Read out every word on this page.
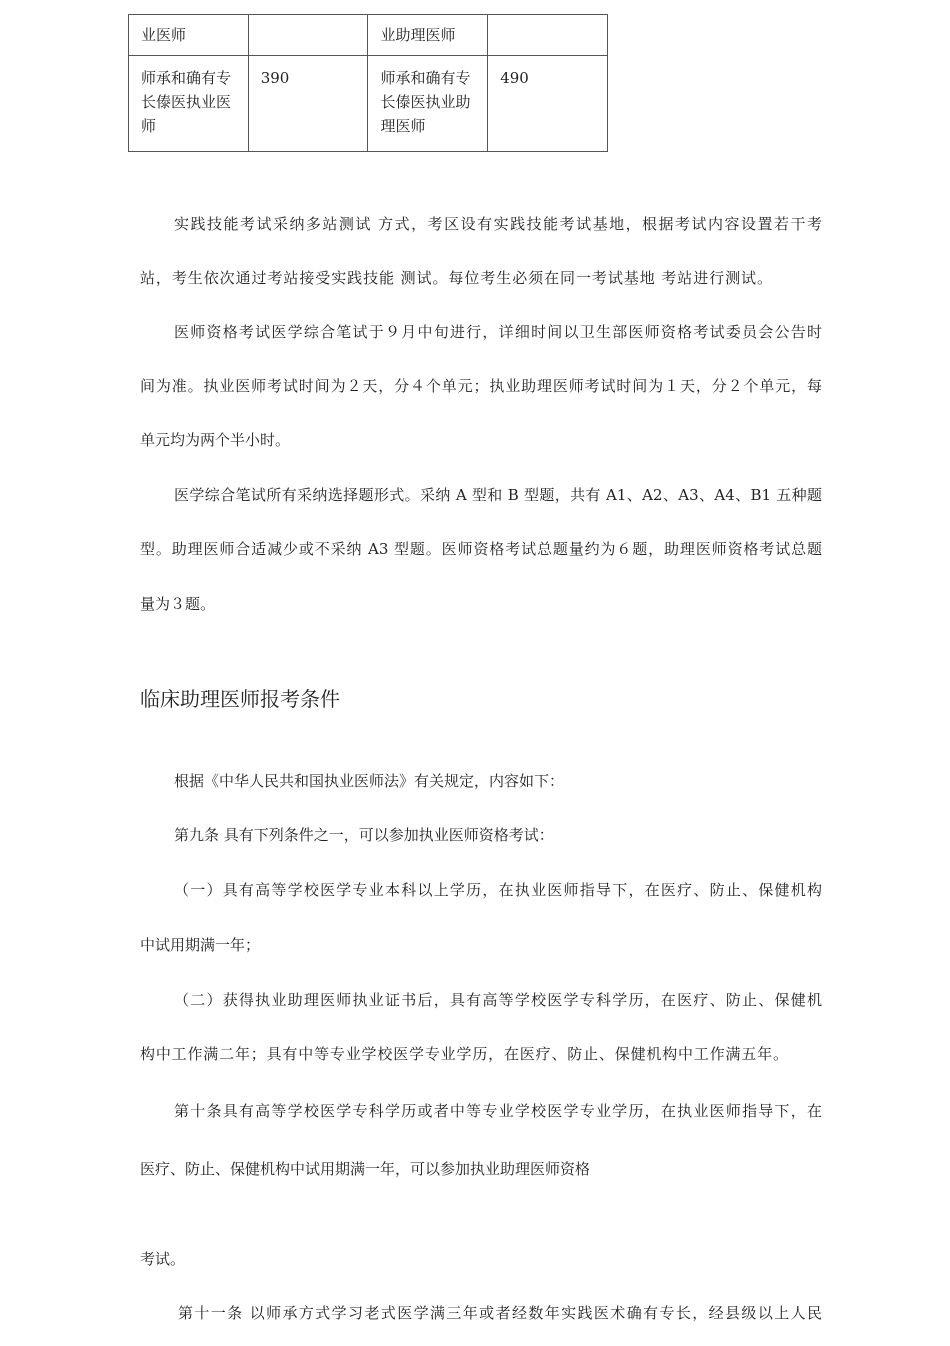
业医师		业助理医师	
师承和确有专长傣医执业医师	390	师承和确有专长傣医执业助理医师	490
实践技能考试采纳多站测试 方式，考区设有实践技能考试基地，根据考试内容设置若干考
站，考生依次通过考站接受实践技能 测试。每位考生必须在同一考试基地 考站进行测试。
医师资格考试医学综合笔试于９月中旬进行，详细时间以卫生部医师资格考试委员会公告时
间为准。执业医师考试时间为２天，分４个单元；执业助理医师考试时间为１天，分２个单元，每
单元均为两个半小时。
医学综合笔试所有采纳选择题形式。采纳 A 型和 B 型题，共有 A1、A2、A3、A4、B1 五种题
型。助理医师合适减少或不采纳 A3 型题。医师资格考试总题量约为６题，助理医师资格考试总题
量为３题。
临床助理医师报考条件
根据《中华人民共和国执业医师法》有关规定，内容如下：
第九条 具有下列条件之一，可以参加执业医师资格考试：
（一）具有高等学校医学专业本科以上学历，在执业医师指导下，在医疗、防止、保健机构
中试用期满一年；
（二）获得执业助理医师执业证书后，具有高等学校医学专科学历，在医疗、防止、保健机
构中工作满二年；具有中等专业学校医学专业学历，在医疗、防止、保健机构中工作满五年。
第十条具有高等学校医学专科学历或者中等专业学校医学专业学历，在执业医师指导下，在
医疗、防止、保健机构中试用期满一年，可以参加执业助理医师资格
考试。
第十一条 以师承方式学习老式医学满三年或者经数年实践医术确有专长，经县级以上人民
